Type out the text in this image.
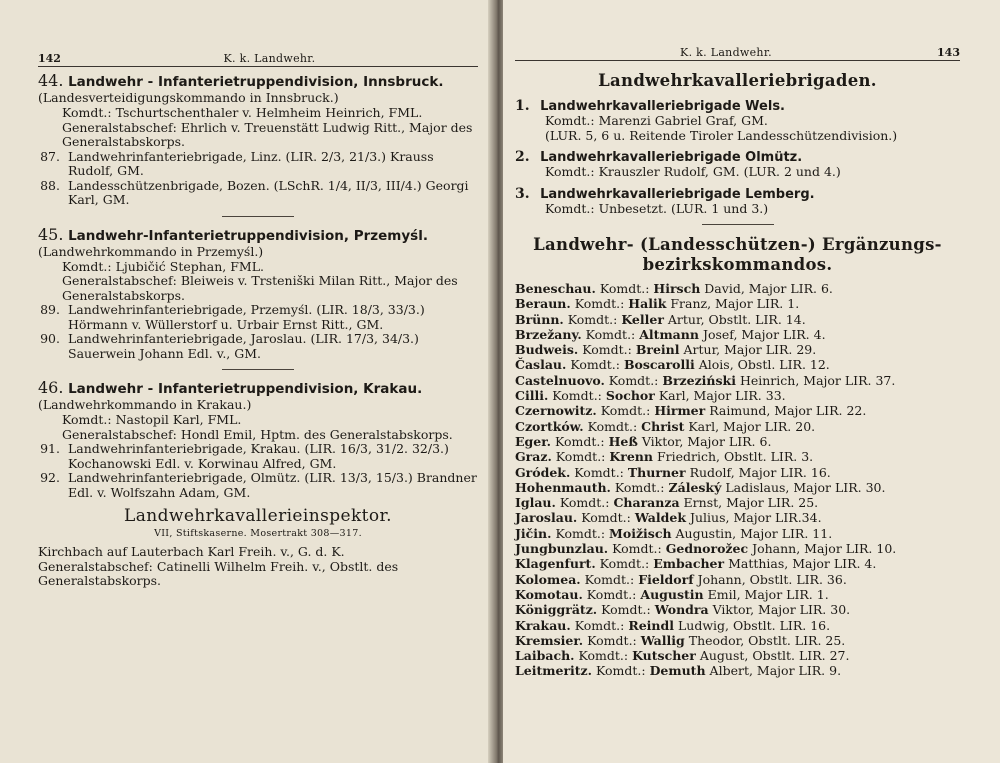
142	K. k. Landwehr.

44. Landwehr - Infanterietruppendivision, Innsbruck. (Landesverteidigungskommando in Innsbruck.)

Komdt.: Tschurtschenthaler v. Helmheim Heinrich, FML.
Generalstabschef: Ehrlich v. Treuenstätt Ludwig Ritt., Major des Generalstabskorps.
87. Landwehrinfanteriebrigade, Linz. (LIR. 2/3, 21/3.) Krauss Rudolf, GM.
88. Landesschützenbrigade, Bozen. (LSchR. 1/4, II/3, III/4.) Georgi Karl, GM.

45. Landwehr-Infanterietruppendivision, Przemyśl. (Landwehrkommando in Przemyśl.)

Komdt.: Ljubičić Stephan, FML.
Generalstabschef: Bleiweis v. Trsteniški Milan Ritt., Major des Generalstabskorps.
89. Landwehrinfanteriebrigade, Przemyśl. (LIR. 18/3, 33/3.) Hörmann v. Wüllerstorf u. Urbair Ernst Ritt., GM.
90. Landwehrinfanteriebrigade, Jaroslau. (LIR. 17/3, 34/3.) Sauerwein Johann Edl. v., GM.

46. Landwehr - Infanterietruppendivision, Krakau. (Landwehrkommando in Krakau.)

Komdt.: Nastopil Karl, FML.
Generalstabschef: Hondl Emil, Hptm. des Generalstabskorps.
91. Landwehrinfanteriebrigade, Krakau. (LIR. 16/3, 31/2. 32/3.) Kochanowski Edl. v. Korwinau Alfred, GM.
92. Landwehrinfanteriebrigade, Olmütz. (LIR. 13/3, 15/3.) Brandner Edl. v. Wolfszahn Adam, GM.
Landwehrkavallerieinspektor.
VII, Stiftskaserne. Mosertrakt 308—317.
Kirchbach auf Lauterbach Karl Freih. v., G. d. K.
Generalstabschef: Catinelli Wilhelm Freih. v., Obstlt. des Generalstabskorps.
K. k. Landwehr.	143
Landwehrkavalleriebrigaden.
1. Landwehrkavalleriebrigade Wels.
Komdt.: Marenzi Gabriel Graf, GM.
(LUR. 5, 6 u. Reitende Tiroler Landesschützendivision.)
2. Landwehrkavalleriebrigade Olmütz.
Komdt.: Krauszler Rudolf, GM. (LUR. 2 und 4.)
3. Landwehrkavalleriebrigade Lemberg.
Komdt.: Unbesetzt. (LUR. 1 und 3.)
Landwehr- (Landesschützen-) Ergänzungs-
bezirkskommandos.
Beneschau. Komdt.: Hirsch David, Major LIR. 6.
Beraun. Komdt.: Halik Franz, Major LIR. 1.
Brünn. Komdt.: Keller Artur, Obstlt. LIR. 14.
Brzežany. Komdt.: Altmann Josef, Major LIR. 4.
Budweis. Komdt.: Breinl Artur, Major LIR. 29.
Časlau. Komdt.: Boscarolli Alois, Obstl. LIR. 12.
Castelnuovo. Komdt.: Brzeziński Heinrich, Major LIR. 37.
Cilli. Komdt.: Sochor Karl, Major LIR. 33.
Czernowitz. Komdt.: Hirmer Raimund, Major LIR. 22.
Czortków. Komdt.: Christ Karl, Major LIR. 20.
Eger. Komdt.: Heß Viktor, Major LIR. 6.
Graz. Komdt.: Krenn Friedrich, Obstlt. LIR. 3.
Gródek. Komdt.: Thurner Rudolf, Major LIR. 16.
Hohenmauth. Komdt.: Záleský Ladislaus, Major LIR. 30.
Iglau. Komdt.: Charanza Ernst, Major LIR. 25.
Jaroslau. Komdt.: Waldek Julius, Major LIR.34.
Jičin. Komdt.: Moižisch Augustin, Major LIR. 11.
Jungbunzlau. Komdt.: Gednorožec Johann, Major LIR. 10.
Klagenfurt. Komdt.: Embacher Matthias, Major LIR. 4.
Kolomea. Komdt.: Fieldorf Johann, Obstlt. LIR. 36.
Komotau. Komdt.: Augustin Emil, Major LIR. 1.
Königgrätz. Komdt.: Wondra Viktor, Major LIR. 30.
Krakau. Komdt.: Reindl Ludwig, Obstlt. LIR. 16.
Kremsier. Komdt.: Wallig Theodor, Obstlt. LIR. 25.
Laibach. Komdt.: Kutscher August, Obstlt. LIR. 27.
Leitmeritz. Komdt.: Demuth Albert, Major LIR. 9.
